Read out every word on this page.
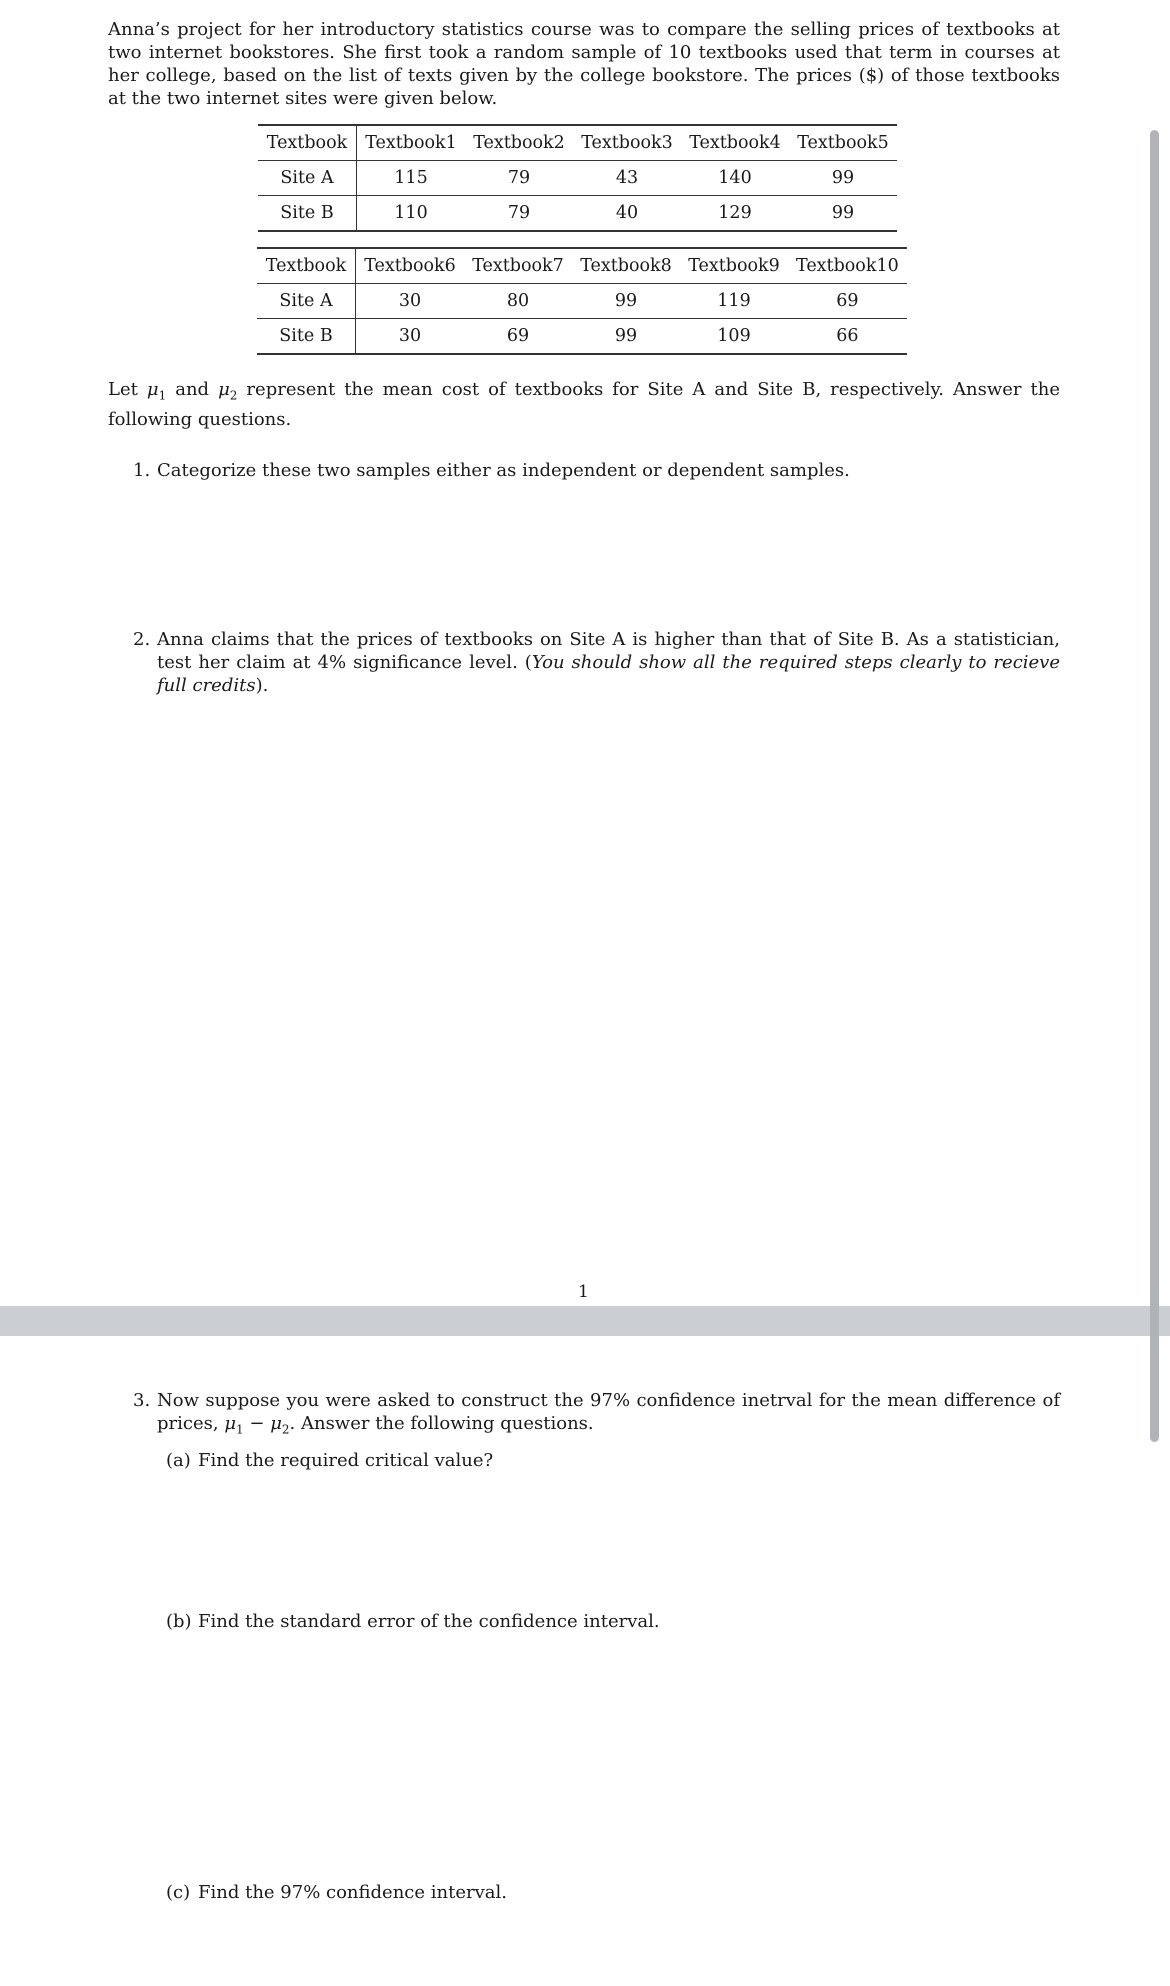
Anna’s project for her introductory statistics course was to compare the selling prices of textbooks at two internet bookstores. She first took a random sample of 10 textbooks used that term in courses at her college, based on the list of texts given by the college bookstore. The prices ($) of those textbooks at the two internet sites were given below.

Textbook	Textbook1	Textbook2	Textbook3	Textbook4	Textbook5
Site A	115	79	43	140	99
Site B	110	79	40	129	99
Textbook	Textbook6	Textbook7	Textbook8	Textbook9	Textbook10
Site A	30	80	99	119	69
Site B	30	69	99	109	66

Let $\mu_1$ and $\mu_2$ represent the mean cost of textbooks for Site A and Site B, respectively. Answer the following questions.

1. Categorize these two samples either as independent or dependent samples.
2. Anna claims that the prices of textbooks on Site A is higher than that of Site B. As a statistician, test her claim at 4% significance level. (You should show all the required steps clearly to recieve full credits).
1
3. Now suppose you were asked to construct the 97% confidence inetrval for the mean difference of prices, $\mu_1 - \mu_2$. Answer the following questions.
(a) Find the required critical value?
(b) Find the standard error of the confidence interval.
(c) Find the 97% confidence interval.
